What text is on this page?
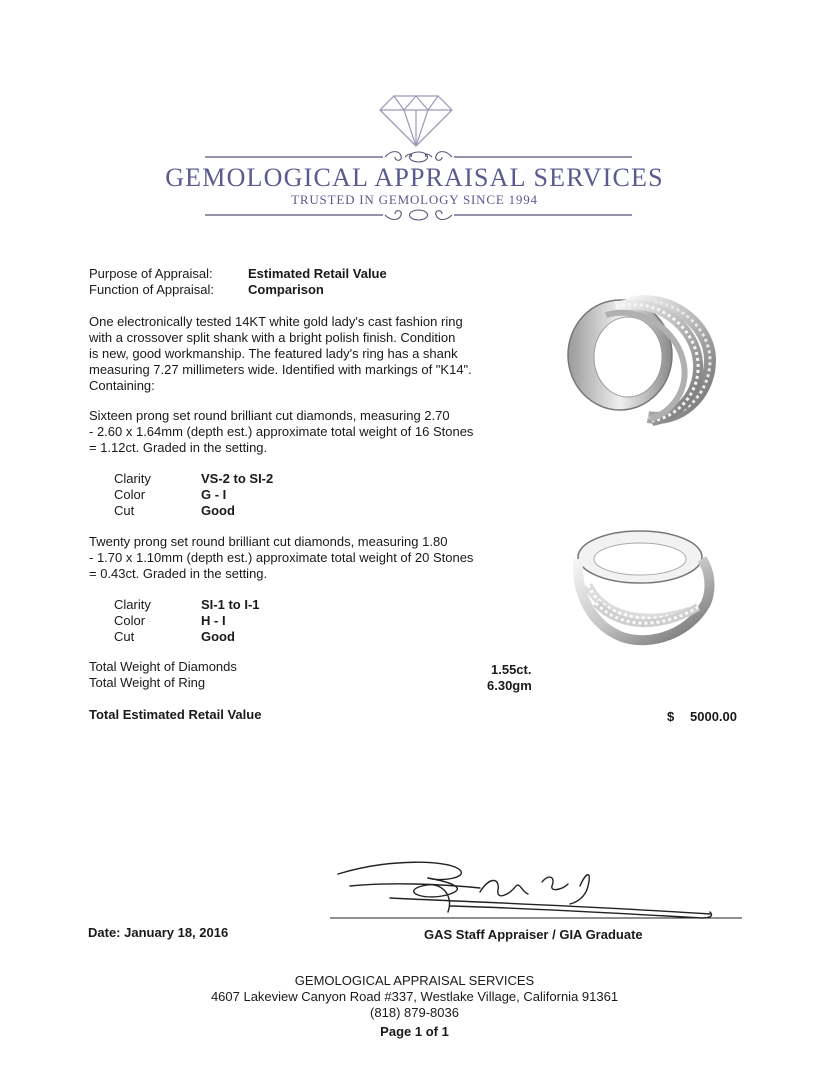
GEMOLOGICAL APPRAISAL SERVICES
TRUSTED IN GEMOLOGY SINCE 1994
Purpose of Appraisal:	Estimated Retail Value
Function of Appraisal:	Comparison
One electronically tested 14KT white gold lady's cast fashion ring
with a crossover split shank with a bright polish finish. Condition
is new, good workmanship. The featured lady's ring has a shank
measuring 7.27 millimeters wide. Identified with markings of "K14".
Containing:
Sixteen prong set round brilliant cut diamonds, measuring 2.70
- 2.60 x 1.64mm (depth est.) approximate total weight of 16 Stones
= 1.12ct. Graded in the setting.
Clarity	VS-2 to SI-2
Color	G - I
Cut	Good
Twenty prong set round brilliant cut diamonds, measuring 1.80
- 1.70 x 1.10mm (depth est.) approximate total weight of 20 Stones
= 0.43ct. Graded in the setting.
Clarity	SI-1 to I-1
Color	H - I
Cut	Good
Total Weight of Diamonds	1.55ct.
Total Weight of Ring	6.30gm
Total Estimated Retail Value	$ 5000.00
Date: January 18, 2016	GAS Staff Appraiser / GIA Graduate
GEMOLOGICAL APPRAISAL SERVICES
4607 Lakeview Canyon Road #337, Westlake Village, California 91361
(818) 879-8036
Page 1 of 1
